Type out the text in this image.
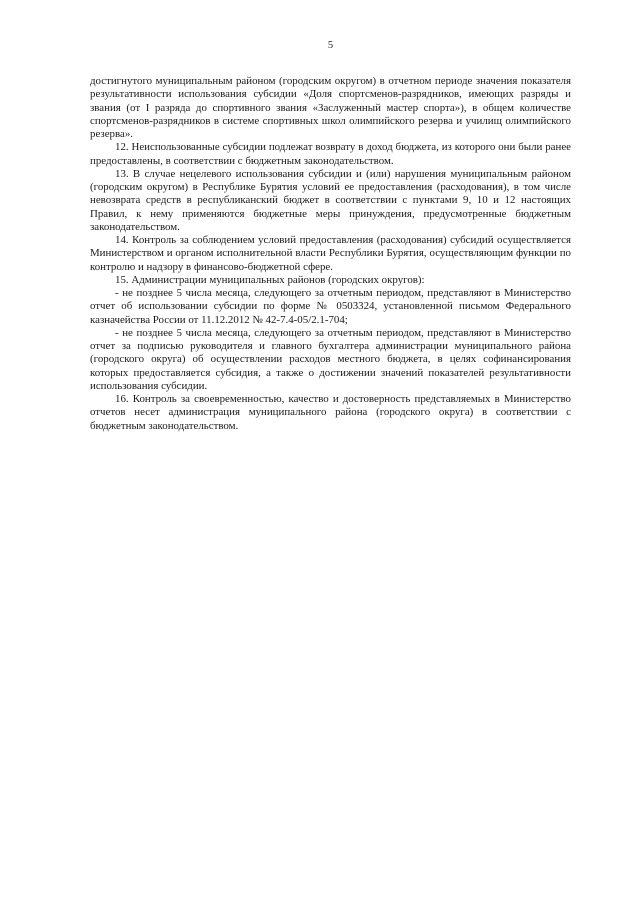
5

достигнутого муниципальным районом (городским округом) в отчетном периоде значения показателя результативности использования субсидии «Доля спортсменов-разрядников, имеющих разряды и звания (от I разряда до спортивного звания «Заслуженный мастер спорта»), в общем количестве спортсменов-разрядников в системе спортивных школ олимпийского резерва и училищ олимпийского резерва».

12. Неиспользованные субсидии подлежат возврату в доход бюджета, из которого они были ранее предоставлены, в соответствии с бюджетным законодательством.

13. В случае нецелевого использования субсидии и (или) нарушения муниципальным районом (городским округом) в Республике Бурятия условий ее предоставления (расходования), в том числе невозврата средств в республиканский бюджет в соответствии с пунктами 9, 10 и 12 настоящих Правил, к нему применяются бюджетные меры принуждения, предусмотренные бюджетным законодательством.

14. Контроль за соблюдением условий предоставления (расходования) субсидий осуществляется Министерством и органом исполнительной власти Республики Бурятия, осуществляющим функции по контролю и надзору в финансово-бюджетной сфере.

15. Администрации муниципальных районов (городских округов):

- не позднее 5 числа месяца, следующего за отчетным периодом, представляют в Министерство отчет об использовании субсидии по форме № 0503324, установленной письмом Федерального казначейства России от 11.12.2012 № 42-7.4-05/2.1-704;

- не позднее 5 числа месяца, следующего за отчетным периодом, представляют в Министерство отчет за подписью руководителя и главного бухгалтера администрации муниципального района (городского округа) об осуществлении расходов местного бюджета, в целях софинансирования которых предоставляется субсидия, а также о достижении значений показателей результативности использования субсидии.

16. Контроль за своевременностью, качество и достоверность представляемых в Министерство отчетов несет администрация муниципального района (городского округа) в соответствии с бюджетным законодательством.
